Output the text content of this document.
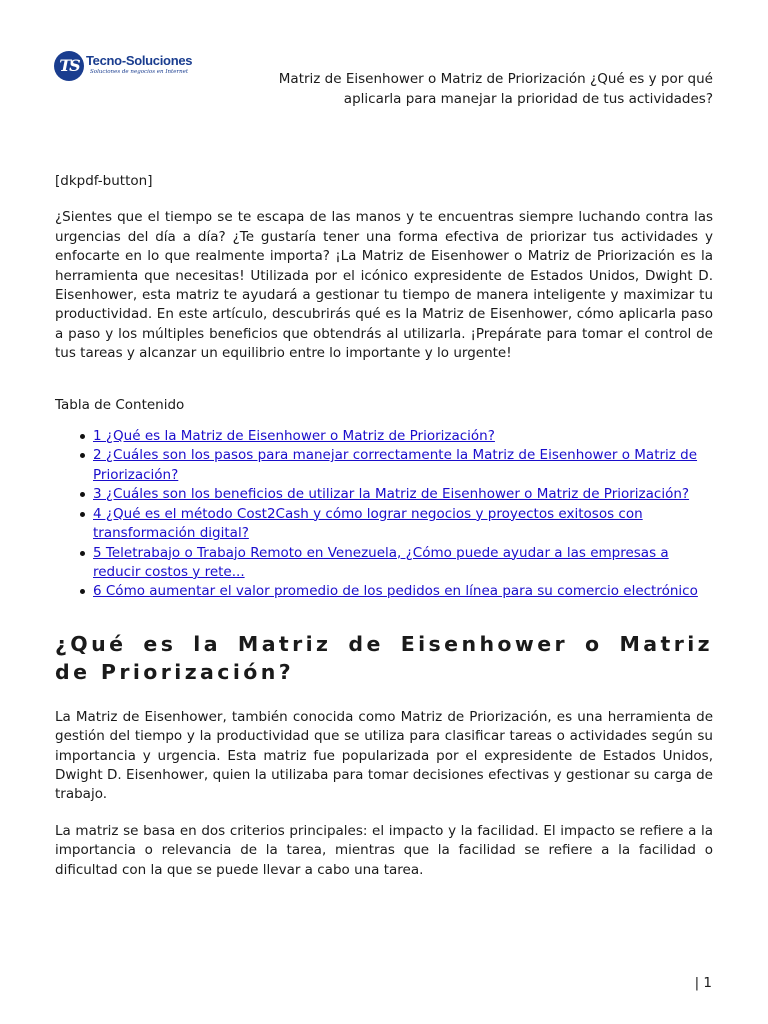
TS Tecno-Soluciones
Soluciones de negocios en Internet	Matriz de Eisenhower o Matriz de Priorización ¿Qué es y por qué aplicarla para manejar la prioridad de tus actividades?

[dkpdf-button]

¿Sientes que el tiempo se te escapa de las manos y te encuentras siempre luchando contra las urgencias del día a día? ¿Te gustaría tener una forma efectiva de priorizar tus actividades y enfocarte en lo que realmente importa? ¡La Matriz de Eisenhower o Matriz de Priorización es la herramienta que necesitas! Utilizada por el icónico expresidente de Estados Unidos, Dwight D. Eisenhower, esta matriz te ayudará a gestionar tu tiempo de manera inteligente y maximizar tu productividad. En este artículo, descubrirás qué es la Matriz de Eisenhower, cómo aplicarla paso a paso y los múltiples beneficios que obtendrás al utilizarla. ¡Prepárate para tomar el control de tus tareas y alcanzar un equilibrio entre lo importante y lo urgente!

Tabla de Contenido

1 ¿Qué es la Matriz de Eisenhower o Matriz de Priorización?
2 ¿Cuáles son los pasos para manejar correctamente la Matriz de Eisenhower o Matriz de Priorización?
3 ¿Cuáles son los beneficios de utilizar la Matriz de Eisenhower o Matriz de Priorización?
4 ¿Qué es el método Cost2Cash y cómo lograr negocios y proyectos exitosos con transformación digital?
5 Teletrabajo o Trabajo Remoto en Venezuela, ¿Cómo puede ayudar a las empresas a reducir costos y rete...
6 Cómo aumentar el valor promedio de los pedidos en línea para su comercio electrónico
¿Qué es la Matriz de Eisenhower o Matriz de Priorización?

La Matriz de Eisenhower, también conocida como Matriz de Priorización, es una herramienta de gestión del tiempo y la productividad que se utiliza para clasificar tareas o actividades según su importancia y urgencia. Esta matriz fue popularizada por el expresidente de Estados Unidos, Dwight D. Eisenhower, quien la utilizaba para tomar decisiones efectivas y gestionar su carga de trabajo.

La matriz se basa en dos criterios principales: el impacto y la facilidad. El impacto se refiere a la importancia o relevancia de la tarea, mientras que la facilidad se refiere a la facilidad o dificultad con la que se puede llevar a cabo una tarea.

| 1
